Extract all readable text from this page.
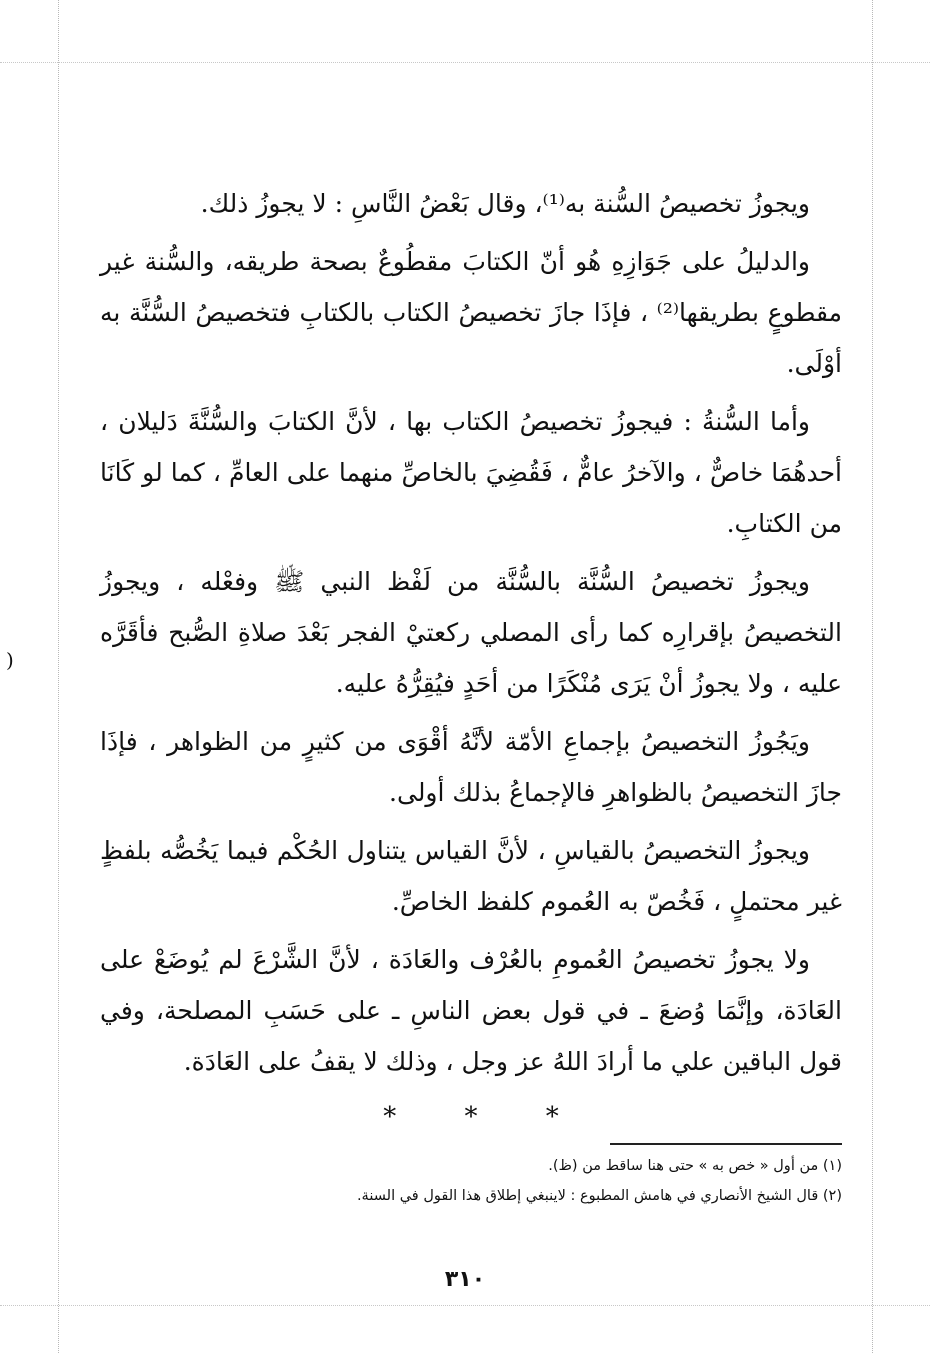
)

ويجوزُ تخصيصُ السُّنة به⁽¹⁾، وقال بَعْضُ النَّاسِ : لا يجوزُ ذلك.

والدليلُ على جَوَازِهِ هُو أنّ الكتابَ مقطُوعٌ بصحة طريقه، والسُّنة غير مقطوعٍ بطريقها⁽²⁾ ، فإذَا جازَ تخصيصُ الكتاب بالكتابِ فتخصيصُ السُّنَّة به أوْلَى.

وأما السُّنةُ : فيجوزُ تخصيصُ الكتاب بها ، لأنَّ الكتابَ والسُّنَّةَ دَليلان ، أحدهُمَا خاصٌّ ، والآخرُ عامٌّ ، فَقُضِيَ بالخاصِّ منهما على العامِّ ، كما لو كَانَا من الكتابِ.

ويجوزُ تخصيصُ السُّنَّة بالسُّنَّة من لَفْظ النبي ﷺ وفعْله ، ويجوزُ التخصيصُ بإقرارِه كما رأى المصلي ركعتيْ الفجر بَعْدَ صلاةِ الصُّبح فأقَرَّه عليه ، ولا يجوزُ أنْ يَرَى مُنْكَرًا من أحَدٍ فيُقِرُّهُ عليه.

ويَجُوزُ التخصيصُ بإجماعِ الأمّة لأنَّهُ أقْوَى من كثيرٍ من الظواهر ، فإذَا جازَ التخصيصُ بالظواهرِ فالإجماعُ بذلك أولى.

ويجوزُ التخصيصُ بالقياسِ ، لأنَّ القياس يتناول الحُكْم فيما يَخُصُّه بلفظٍ غير محتملٍ ، فَخُصّ به العُموم كلفظ الخاصِّ.

ولا يجوزُ تخصيصُ العُمومِ بالعُرْف والعَادَة ، لأنَّ الشَّرْعَ لم يُوضَعْ على العَادَة، وإنَّمَا وُضعَ ـ في قول بعض الناسِ ـ على حَسَبِ المصلحة، وفي قول الباقين علي ما أرادَ اللهُ عز وجل ، وذلك لا يقفُ على العَادَة.

* * *

(١) من أول « خص به » حتى هنا ساقط من (ظ).

(٢) قال الشيخ الأنصاري في هامش المطبوع : لاينبغي إطلاق هذا القول في السنة.

٣١٠
